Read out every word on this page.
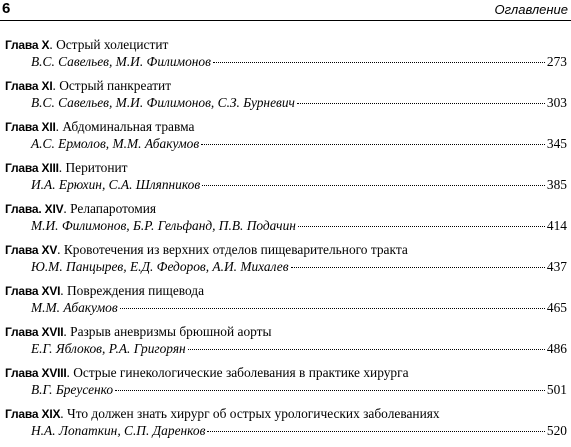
6	Оглавление
Глава X. Острый холецистит
В.С. Савельев, М.И. Филимонов	273
Глава XI. Острый панкреатит
В.С. Савельев, М.И. Филимонов, С.З. Бурневич	303
Глава XII. Абдоминальная травма
А.С. Ермолов, М.М. Абакумов	345
Глава XIII. Перитонит
И.А. Ерюхин, С.А. Шляпников	385
Глава. XIV. Релапаротомия
М.И. Филимонов, Б.Р. Гельфанд, П.В. Подачин	414
Глава XV. Кровотечения из верхних отделов пищеварительного тракта
Ю.М. Панцырев, Е.Д. Федоров, А.И. Михалев	437
Глава XVI. Повреждения пищевода
М.М. Абакумов	465
Глава XVII. Разрыв аневризмы брюшной аорты
Е.Г. Яблоков, Р.А. Григорян	486
Глава XVIII. Острые гинекологические заболевания в практике хирурга
В.Г. Бреусенко	501
Глава XIX. Что должен знать хирург об острых урологических заболеваниях
Н.А. Лопаткин, С.П. Даренков	520
